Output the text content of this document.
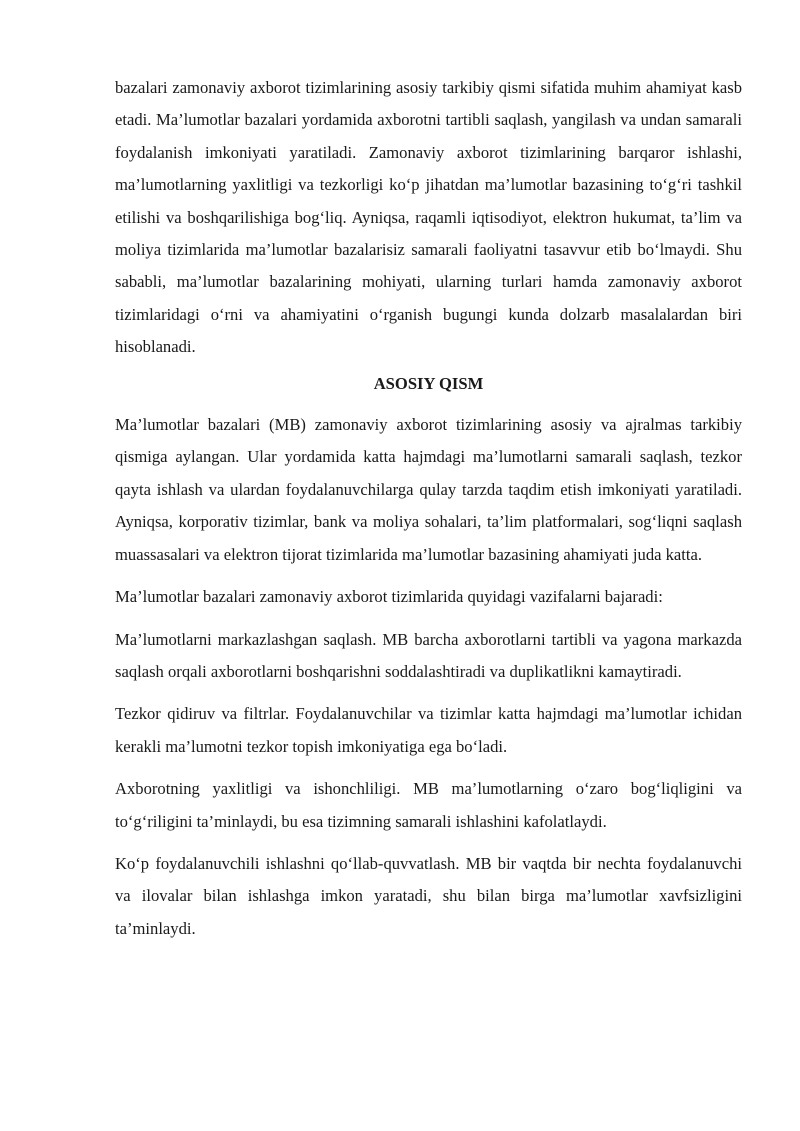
bazalari zamonaviy axborot tizimlarining asosiy tarkibiy qismi sifatida muhim ahamiyat kasb etadi. Ma’lumotlar bazalari yordamida axborotni tartibli saqlash, yangilash va undan samarali foydalanish imkoniyati yaratiladi. Zamonaviy axborot tizimlarining barqaror ishlashi, ma’lumotlarning yaxlitligi va tezkorligi ko‘p jihatdan ma’lumotlar bazasining to‘g‘ri tashkil etilishi va boshqarilishiga bog‘liq. Ayniqsa, raqamli iqtisodiyot, elektron hukumat, ta’lim va moliya tizimlarida ma’lumotlar bazalarisiz samarali faoliyatni tasavvur etib bo‘lmaydi. Shu sababli, ma’lumotlar bazalarining mohiyati, ularning turlari hamda zamonaviy axborot tizimlaridagi o‘rni va ahamiyatini o‘rganish bugungi kunda dolzarb masalalardan biri hisoblanadi.

ASOSIY QISM

Ma’lumotlar bazalari (MB) zamonaviy axborot tizimlarining asosiy va ajralmas tarkibiy qismiga aylangan. Ular yordamida katta hajmdagi ma’lumotlarni samarali saqlash, tezkor qayta ishlash va ulardan foydalanuvchilarga qulay tarzda taqdim etish imkoniyati yaratiladi. Ayniqsa, korporativ tizimlar, bank va moliya sohalari, ta’lim platformalari, sog‘liqni saqlash muassasalari va elektron tijorat tizimlarida ma’lumotlar bazasining ahamiyati juda katta.

Ma’lumotlar bazalari zamonaviy axborot tizimlarida quyidagi vazifalarni bajaradi:

Ma’lumotlarni markazlashgan saqlash. MB barcha axborotlarni tartibli va yagona markazda saqlash orqali axborotlarni boshqarishni soddalashtiradi va duplikatlikni kamaytiradi.

Tezkor qidiruv va filtrlar. Foydalanuvchilar va tizimlar katta hajmdagi ma’lumotlar ichidan kerakli ma’lumotni tezkor topish imkoniyatiga ega bo‘ladi.

Axborotning yaxlitligi va ishonchliligi. MB ma’lumotlarning o‘zaro bog‘liqligini va to‘g‘riligini ta’minlaydi, bu esa tizimning samarali ishlashini kafolatlaydi.

Ko‘p foydalanuvchili ishlashni qo‘llab-quvvatlash. MB bir vaqtda bir nechta foydalanuvchi va ilovalar bilan ishlashga imkon yaratadi, shu bilan birga ma’lumotlar xavfsizligini ta’minlaydi.
